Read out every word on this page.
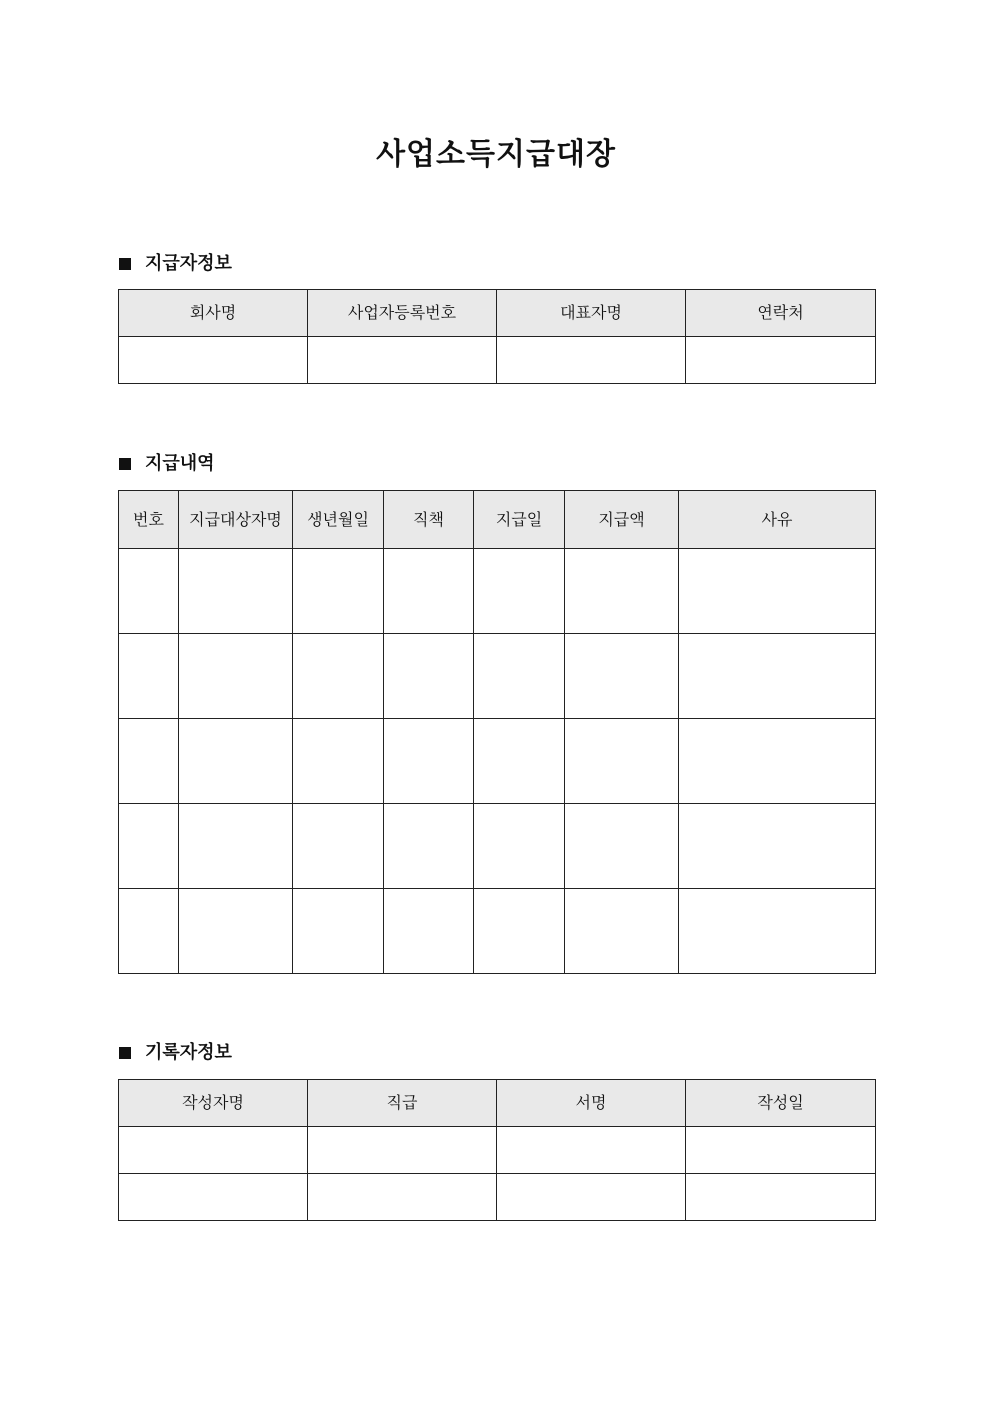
사업소득지급대장
지급자정보
회사명	사업자등록번호	대표자명	연락처

지급내역
번호	지급대상자명	생년월일	직책	지급일	지급액	사유

기록자정보
작성자명	직급	서명	작성일
